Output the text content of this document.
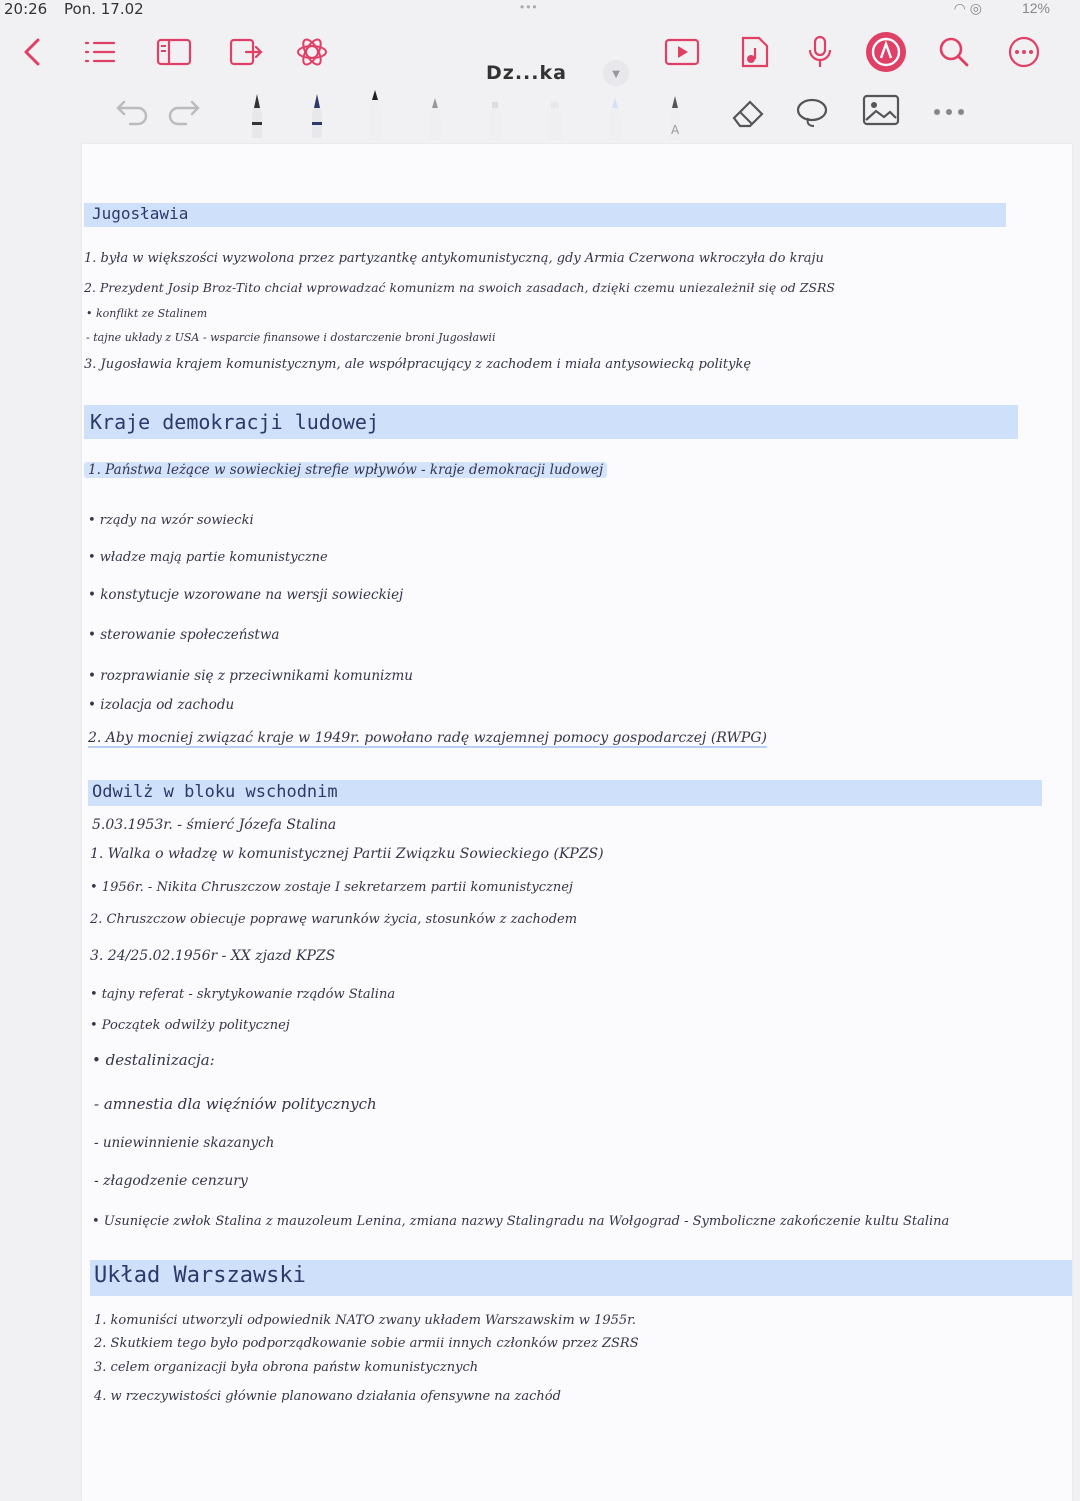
20:26 Pon. 17.02	•••	◠ ◎	12%
Dz...ka	▼
A
Jugosławia
1. była w większości wyzwolona przez partyzantkę antykomunistyczną, gdy Armia Czerwona wkroczyła do kraju
2. Prezydent Josip Broz-Tito chciał wprowadzać komunizm na swoich zasadach, dzięki czemu uniezależnił się od ZSRS
• konflikt ze Stalinem
- tajne układy z USA - wsparcie finansowe i dostarczenie broni Jugosławii
3. Jugosławia krajem komunistycznym, ale współpracujący z zachodem i miała antysowiecką politykę
Kraje demokracji ludowej
1. Państwa leżące w sowieckiej strefie wpływów - kraje demokracji ludowej
• rządy na wzór sowiecki
• władze mają partie komunistyczne
• konstytucje wzorowane na wersji sowieckiej
• sterowanie społeczeństwa
• rozprawianie się z przeciwnikami komunizmu
• izolacja od zachodu
2. Aby mocniej związać kraje w 1949r. powołano radę wzajemnej pomocy gospodarczej (RWPG)
Odwilż w bloku wschodnim
5.03.1953r. - śmierć Józefa Stalina
1. Walka o władzę w komunistycznej Partii Związku Sowieckiego (KPZS)
• 1956r. - Nikita Chruszczow zostaje I sekretarzem partii komunistycznej
2. Chruszczow obiecuje poprawę warunków życia, stosunków z zachodem
3. 24/25.02.1956r - XX zjazd KPZS
• tajny referat - skrytykowanie rządów Stalina
• Początek odwilży politycznej
• destalinizacja:
- amnestia dla więźniów politycznych
- uniewinnienie skazanych
- złagodzenie cenzury
• Usunięcie zwłok Stalina z mauzoleum Lenina, zmiana nazwy Stalingradu na Wołgograd - Symboliczne zakończenie kultu Stalina
Układ Warszawski
1. komuniści utworzyli odpowiednik NATO zwany układem Warszawskim w 1955r.
2. Skutkiem tego było podporządkowanie sobie armii innych członków przez ZSRS
3. celem organizacji była obrona państw komunistycznych
4. w rzeczywistości głównie planowano działania ofensywne na zachód
